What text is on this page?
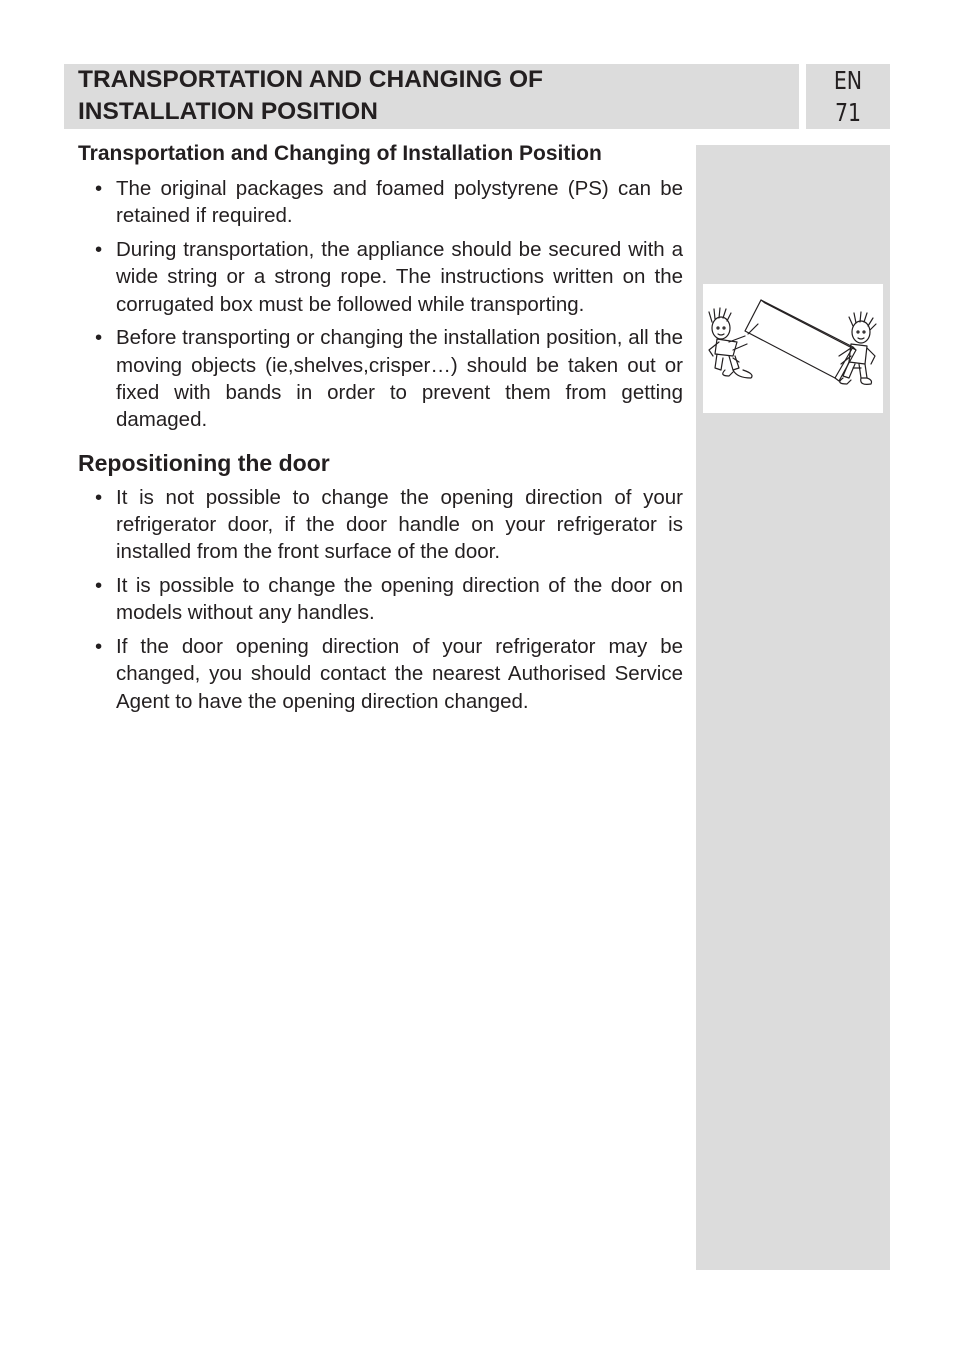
TRANSPORTATION AND CHANGING OF
INSTALLATION POSITION
EN
71
Transportation and Changing of Installation Position
• The original packages and foamed polystyrene (PS) can be retained if required.
• During transportation, the appliance should be secured with a wide string or a strong rope. The instructions written on the corrugated box must be followed while transporting.
• Before transporting or changing the installation position, all the moving objects (ie,shelves,crisper…) should be taken out or fixed with bands in order to prevent them from getting damaged.
Repositioning the door
• It is not possible to change the opening direction of your refrigerator door, if the door handle on your refrigerator is installed from the front surface of the door.
• It is possible to change the opening direction of the door on models without any handles.
• If the door opening direction of your refrigerator may be changed, you should contact the nearest Authorised Service Agent to have the opening direction changed.
